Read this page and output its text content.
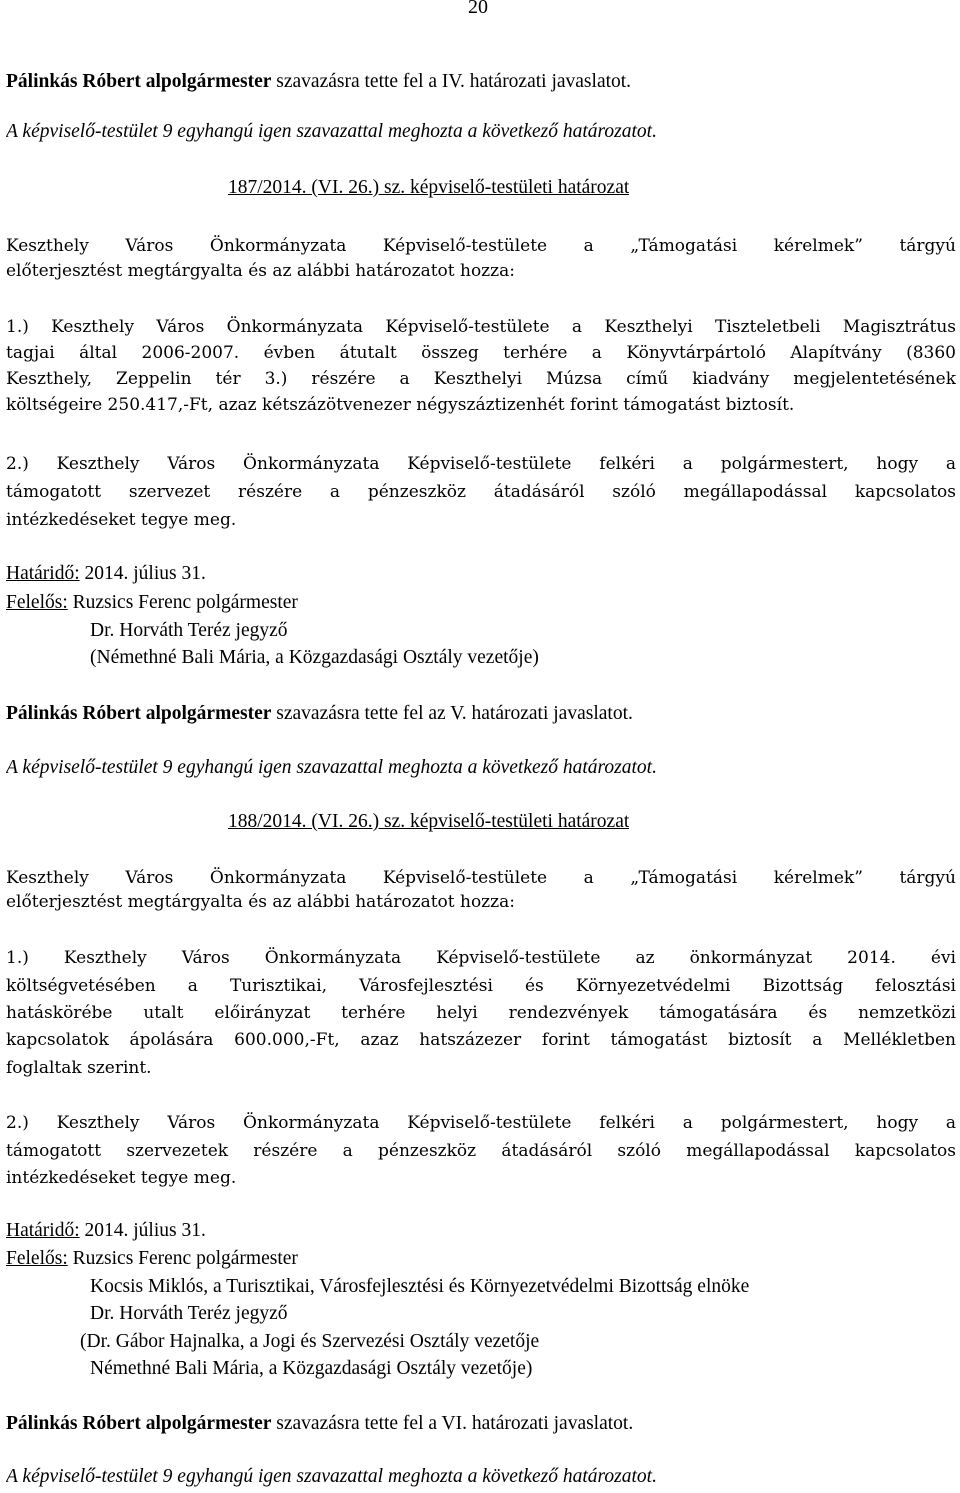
20
Pálinkás Róbert alpolgármester szavazásra tette fel a IV. határozati javaslatot.
A képviselő-testület 9 egyhangú igen szavazattal meghozta a következő határozatot.
187/2014. (VI. 26.) sz. képviselő-testületi határozat
Keszthely Város Önkormányzata Képviselő-testülete a „Támogatási kérelmek” tárgyú
előterjesztést megtárgyalta és az alábbi határozatot hozza:
1.) Keszthely Város Önkormányzata Képviselő-testülete a Keszthelyi Tiszteletbeli Magisztrátus
tagjai által 2006-2007. évben átutalt összeg terhére a Könyvtárpártoló Alapítvány (8360
Keszthely, Zeppelin tér 3.) részére a Keszthelyi Múzsa című kiadvány megjelentetésének
költségeire 250.417,-Ft, azaz kétszázötvenezer négyszáztizenhét forint támogatást biztosít.
2.) Keszthely Város Önkormányzata Képviselő-testülete felkéri a polgármestert, hogy a
támogatott szervezet részére a pénzeszköz átadásáról szóló megállapodással kapcsolatos
intézkedéseket tegye meg.
Határidő: 2014. július 31.
Felelős: Ruzsics Ferenc polgármester
Dr. Horváth Teréz jegyző
(Némethné Bali Mária, a Közgazdasági Osztály vezetője)
Pálinkás Róbert alpolgármester szavazásra tette fel az V. határozati javaslatot.
A képviselő-testület 9 egyhangú igen szavazattal meghozta a következő határozatot.
188/2014. (VI. 26.) sz. képviselő-testületi határozat
Keszthely Város Önkormányzata Képviselő-testülete a „Támogatási kérelmek” tárgyú
előterjesztést megtárgyalta és az alábbi határozatot hozza:
1.) Keszthely Város Önkormányzata Képviselő-testülete az önkormányzat 2014. évi
költségvetésében a Turisztikai, Városfejlesztési és Környezetvédelmi Bizottság felosztási
hatáskörébe utalt előirányzat terhére helyi rendezvények támogatására és nemzetközi
kapcsolatok ápolására 600.000,-Ft, azaz hatszázezer forint támogatást biztosít a Mellékletben
foglaltak szerint.
2.) Keszthely Város Önkormányzata Képviselő-testülete felkéri a polgármestert, hogy a
támogatott szervezetek részére a pénzeszköz átadásáról szóló megállapodással kapcsolatos
intézkedéseket tegye meg.
Határidő: 2014. július 31.
Felelős: Ruzsics Ferenc polgármester
Kocsis Miklós, a Turisztikai, Városfejlesztési és Környezetvédelmi Bizottság elnöke
Dr. Horváth Teréz jegyző
(Dr. Gábor Hajnalka, a Jogi és Szervezési Osztály vezetője
Némethné Bali Mária, a Közgazdasági Osztály vezetője)
Pálinkás Róbert alpolgármester szavazásra tette fel a VI. határozati javaslatot.
A képviselő-testület 9 egyhangú igen szavazattal meghozta a következő határozatot.
